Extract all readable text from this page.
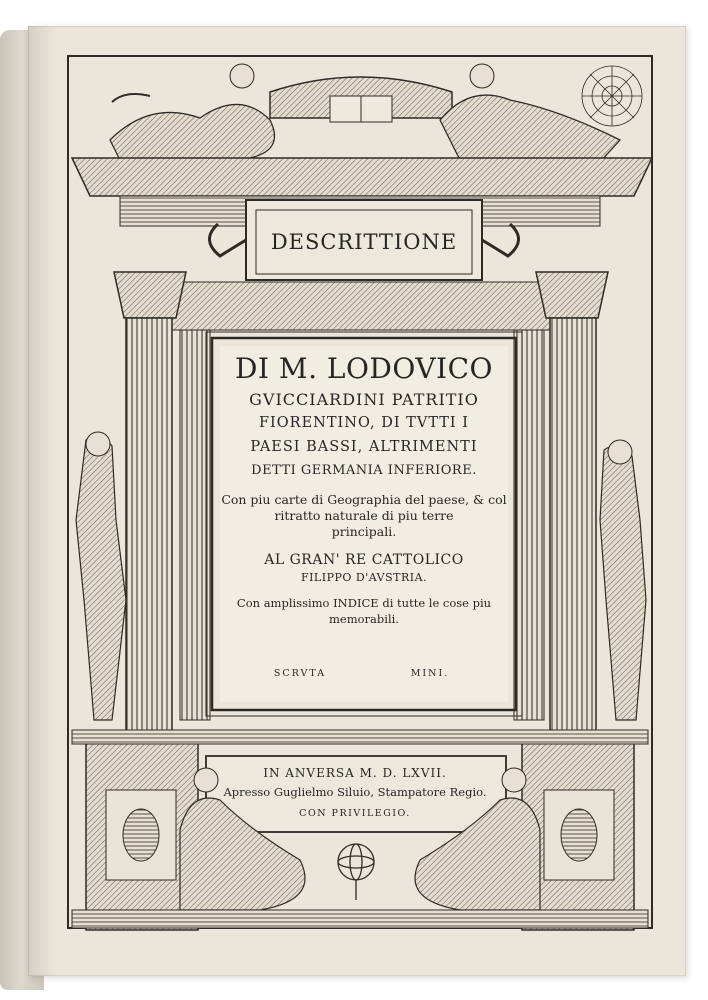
DESCRITTIONE
DI M. LODOVICO
GVICCIARDINI PATRITIO
FIORENTINO, DI TVTTI I
PAESI BASSI, ALTRIMENTI
DETTI GERMANIA INFERIORE.
Con piu carte di Geographia del paese, & col
ritratto naturale di piu terre
principali.
AL GRAN' RE CATTOLICO
FILIPPO D'AVSTRIA.
Con amplissimo INDICE di tutte le cose piu
memorabili.
SCRVTA	MINI.
IN ANVERSA M. D. LXVII.
Apresso Guglielmo Siluio, Stampatore Regio.
CON PRIVILEGIO.
